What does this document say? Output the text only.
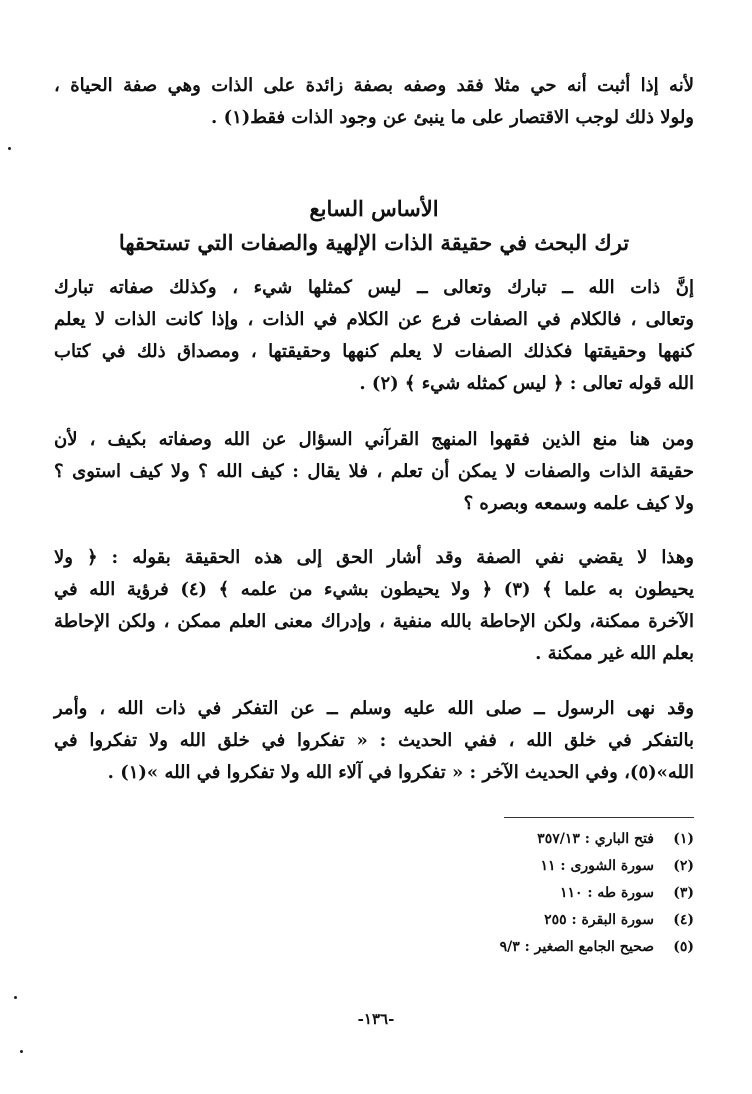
لأنه إذا أثبت أنه حي مثلا فقد وصفه بصفة زائدة على الذات وهي صفة الحياة ،
ولولا ذلك لوجب الاقتصار على ما ينبئ عن وجود الذات فقط(١) .
الأساس السابع
ترك البحث في حقيقة الذات الإلهية والصفات التي تستحقها
إنَّ ذات الله ــ تبارك وتعالى ــ ليس كمثلها شيء ، وكذلك صفاته تبارك
وتعالى ، فالكلام في الصفات فرع عن الكلام في الذات ، وإذا كانت الذات لا يعلم
كنهها وحقيقتها فكذلك الصفات لا يعلم كنهها وحقيقتها ، ومصداق ذلك في كتاب
الله قوله تعالى : ﴿ ليس كمثله شيء ﴾ (٢) .
ومن هنا منع الذين فقهوا المنهج القرآني السؤال عن الله وصفاته بكيف ، لأن
حقيقة الذات والصفات لا يمكن أن تعلم ، فلا يقال : كيف الله ؟ ولا كيف استوى ؟
ولا كيف علمه وسمعه وبصره ؟
وهذا لا يقضي نفي الصفة وقد أشار الحق إلى هذه الحقيقة بقوله : ﴿ ولا
يحيطون به علما ﴾ (٣) ﴿ ولا يحيطون بشيء من علمه ﴾ (٤) فرؤية الله في
الآخرة ممكنة، ولكن الإحاطة بالله منفية ، وإدراك معنى العلم ممكن ، ولكن الإحاطة
بعلم الله غير ممكنة .
وقد نهى الرسول ــ صلى الله عليه وسلم ــ عن التفكر في ذات الله ، وأمر
بالتفكر في خلق الله ، ففي الحديث : « تفكروا في خلق الله ولا تفكروا في
الله»(٥)، وفي الحديث الآخر : « تفكروا في آلاء الله ولا تفكروا في الله »(١) .
(١)
فتح الباري : ٣٥٧/١٣
(٢)
سورة الشورى : ١١
(٣)
سورة طه : ١١٠
(٤)
سورة البقرة : ٢٥٥
(٥)
صحيح الجامع الصغير : ٩/٣
-١٣٦-
